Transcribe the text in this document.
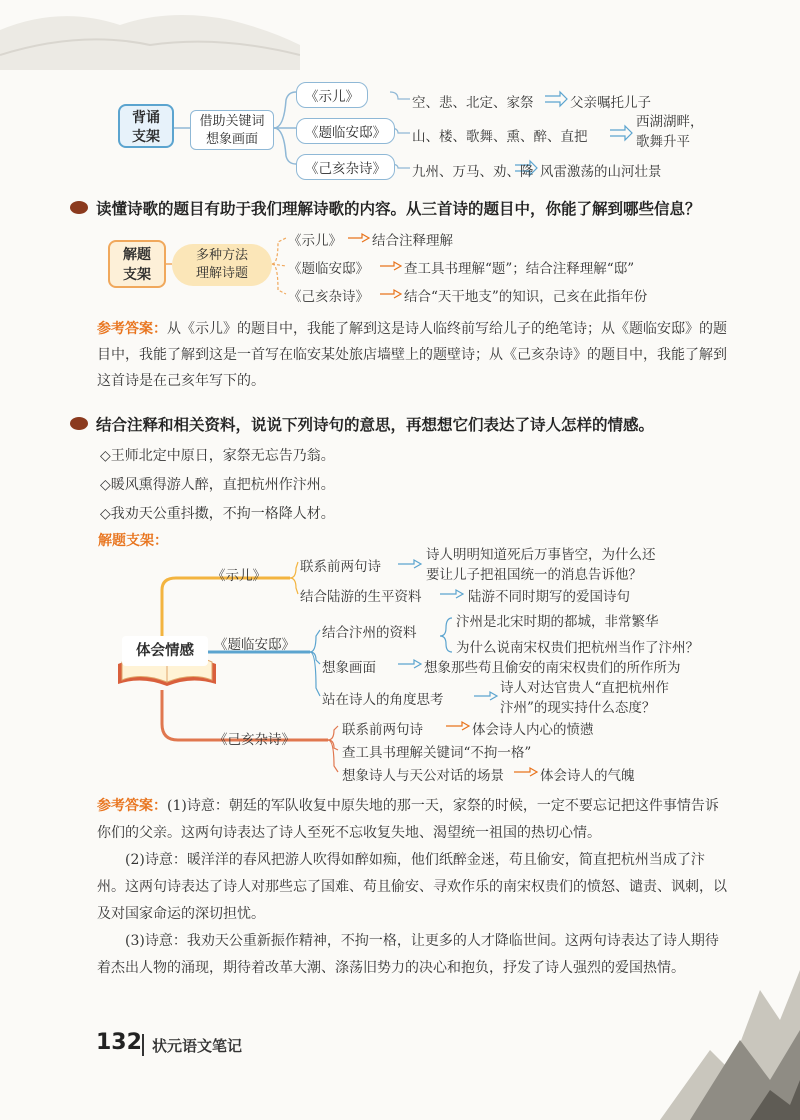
背诵
支架
借助关键词
想象画面
《示儿》	空、悲、北定、家祭	父亲嘱托儿子
《题临安邸》	山、楼、歌舞、熏、醉、直把
西湖湖畔，
歌舞升平
《己亥杂诗》	九州、万马、劝、降 风雷激荡的山河壮景
读懂诗歌的题目有助于我们理解诗歌的内容。从三首诗的题目中，你能了解到哪些信息？
解题
支架
多种方法
理解诗题
《示儿》 结合注释理解
《题临安邸》	查工具书理解“题”；结合注释理解“邸”
《己亥杂诗》	结合“天干地支”的知识，己亥在此指年份
参考答案：从《示儿》的题目中，我能了解到这是诗人临终前写给儿子的绝笔诗；从《题临安邸》的题目中，我能了解到这是一首写在临安某处旅店墙壁上的题壁诗；从《己亥杂诗》的题目中，我能了解到这首诗是在己亥年写下的。
结合注释和相关资料，说说下列诗句的意思，再想想它们表达了诗人怎样的情感。
◇王师北定中原日，家祭无忘告乃翁。
◇暖风熏得游人醉，直把杭州作汴州。
◇我劝天公重抖擞，不拘一格降人材。
解题支架：
体会情感
《示儿》
联系前两句诗
诗人明明知道死后万事皆空，为什么还
要让儿子把祖国统一的消息告诉他？
结合陆游的生平资料	陆游不同时期写的爱国诗句
《题临安邸》
结合汴州的资料
汴州是北宋时期的都城，非常繁华
为什么说南宋权贵们把杭州当作了汴州？
想象画面	想象那些苟且偷安的南宋权贵们的所作所为
站在诗人的角度思考
诗人对达官贵人“直把杭州作
汴州”的现实持什么态度？
《己亥杂诗》
联系前两句诗	体会诗人内心的愤懑
查工具书理解关键词“不拘一格”
想象诗人与天公对话的场景	体会诗人的气魄
参考答案：(1)诗意：朝廷的军队收复中原失地的那一天，家祭的时候，一定不要忘记把这件事情告诉你们的父亲。这两句诗表达了诗人至死不忘收复失地、渴望统一祖国的热切心情。
(2)诗意：暖洋洋的春风把游人吹得如醉如痴，他们纸醉金迷，苟且偷安，简直把杭州当成了汴州。这两句诗表达了诗人对那些忘了国难、苟且偷安、寻欢作乐的南宋权贵们的愤怒、谴责、讽刺，以及对国家命运的深切担忧。
(3)诗意：我劝天公重新振作精神，不拘一格，让更多的人才降临世间。这两句诗表达了诗人期待着杰出人物的涌现，期待着改革大潮、涤荡旧势力的决心和抱负，抒发了诗人强烈的爱国热情。
132 状元语文笔记
